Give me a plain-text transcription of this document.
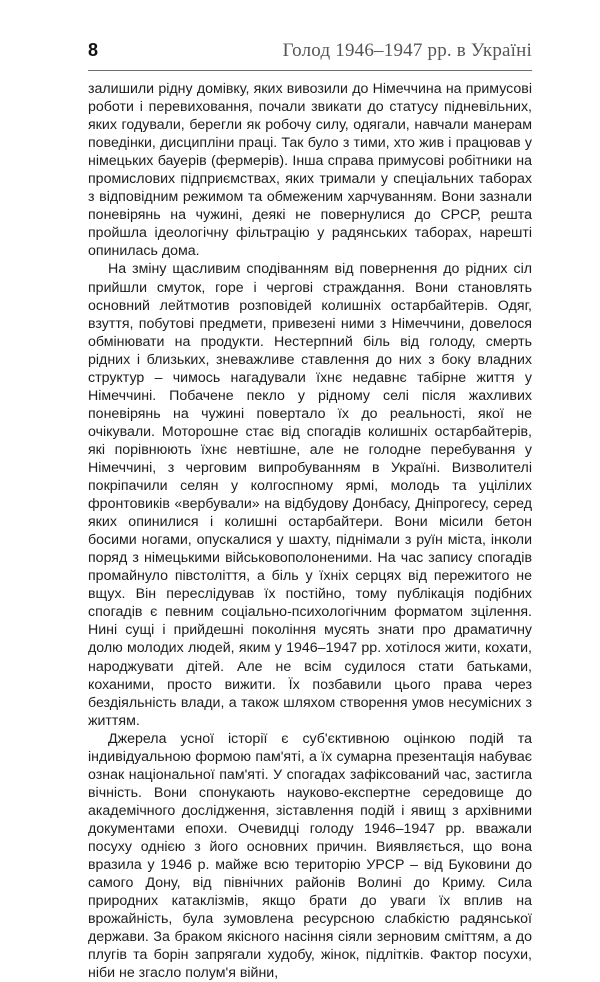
8	Голод 1946–1947 рр. в Україні

залишили рідну домівку, яких вивозили до Німеччина на примусові роботи і перевиховання, почали звикати до статусу підневільних, яких годували, берегли як робочу силу, одягали, навчали манерам поведінки, дисципліни праці. Так було з тими, хто жив і працював у німецьких бауерів (фермерів). Інша справа примусові робітники на промислових підприємствах, яких тримали у спеціальних таборах з відповідним режимом та обмеженим харчуванням. Вони зазнали поневірянь на чужині, деякі не повернулися до СРСР, решта пройшла ідеологічну фільтрацію у радянських таборах, нарешті опинилась дома.

На зміну щасливим сподіванням від повернення до рідних сіл прийшли смуток, горе і чергові страждання. Вони становлять основний лейтмотив розповідей колишніх остарбайтерів. Одяг, взуття, побутові предмети, привезені ними з Німеччини, довелося обмінювати на продукти. Нестерпний біль від голоду, смерть рідних і близьких, зневажливе ставлення до них з боку владних структур – чимось нагадували їхнє недавнє табірне життя у Німеччині. Побачене пекло у рідному селі після жахливих поневірянь на чужині повертало їх до реальності, якої не очікували. Моторошне стає від спогадів колишніх остарбайтерів, які порівнюють їхнє невтішне, але не голодне перебування у Німеччині, з черговим випробуванням в Україні. Визволителі покріпачили селян у колгоспному ярмі, молодь та уцілілих фронтовиків «вербували» на відбудову Донбасу, Дніпрогесу, серед яких опинилися і колишні остарбайтери. Вони місили бетон босими ногами, опускалися у шахту, піднімали з руїн міста, інколи поряд з німецькими військовополоненими. На час запису спогадів промайнуло півстоліття, а біль у їхніх серцях від пережитого не вщух. Він переслідував їх постійно, тому публікація подібних спогадів є певним соціально-психологічним форматом зцілення. Нині сущі і прийдешні покоління мусять знати про драматичну долю молодих людей, яким у 1946–1947 рр. хотілося жити, кохати, народжувати дітей. Але не всім судилося стати батьками, коханими, просто вижити. Їх позбавили цього права через бездіяльність влади, а також шляхом створення умов несумісних з життям.

Джерела усної історії є суб'єктивною оцінкою подій та індивідуальною формою пам'яті, а їх сумарна презентація набуває ознак національної пам'яті. У спогадах зафіксований час, застигла вічність. Вони спонукають науково-експертне середовище до академічного дослідження, зіставлення подій і явищ з архівними документами епохи. Очевидці голоду 1946–1947 рр. вважали посуху однією з його основних причин. Виявляється, що вона вразила у 1946 р. майже всю територію УРСР – від Буковини до самого Дону, від північних районів Волині до Криму. Сила природних катаклізмів, якщо брати до уваги їх вплив на врожайність, була зумовлена ресурсною слабкістю радянської держави. За браком якісного насіння сіяли зерновим сміттям, а до плугів та борін запрягали худобу, жінок, підлітків. Фактор посухи, ніби не згасло полум'я війни,
